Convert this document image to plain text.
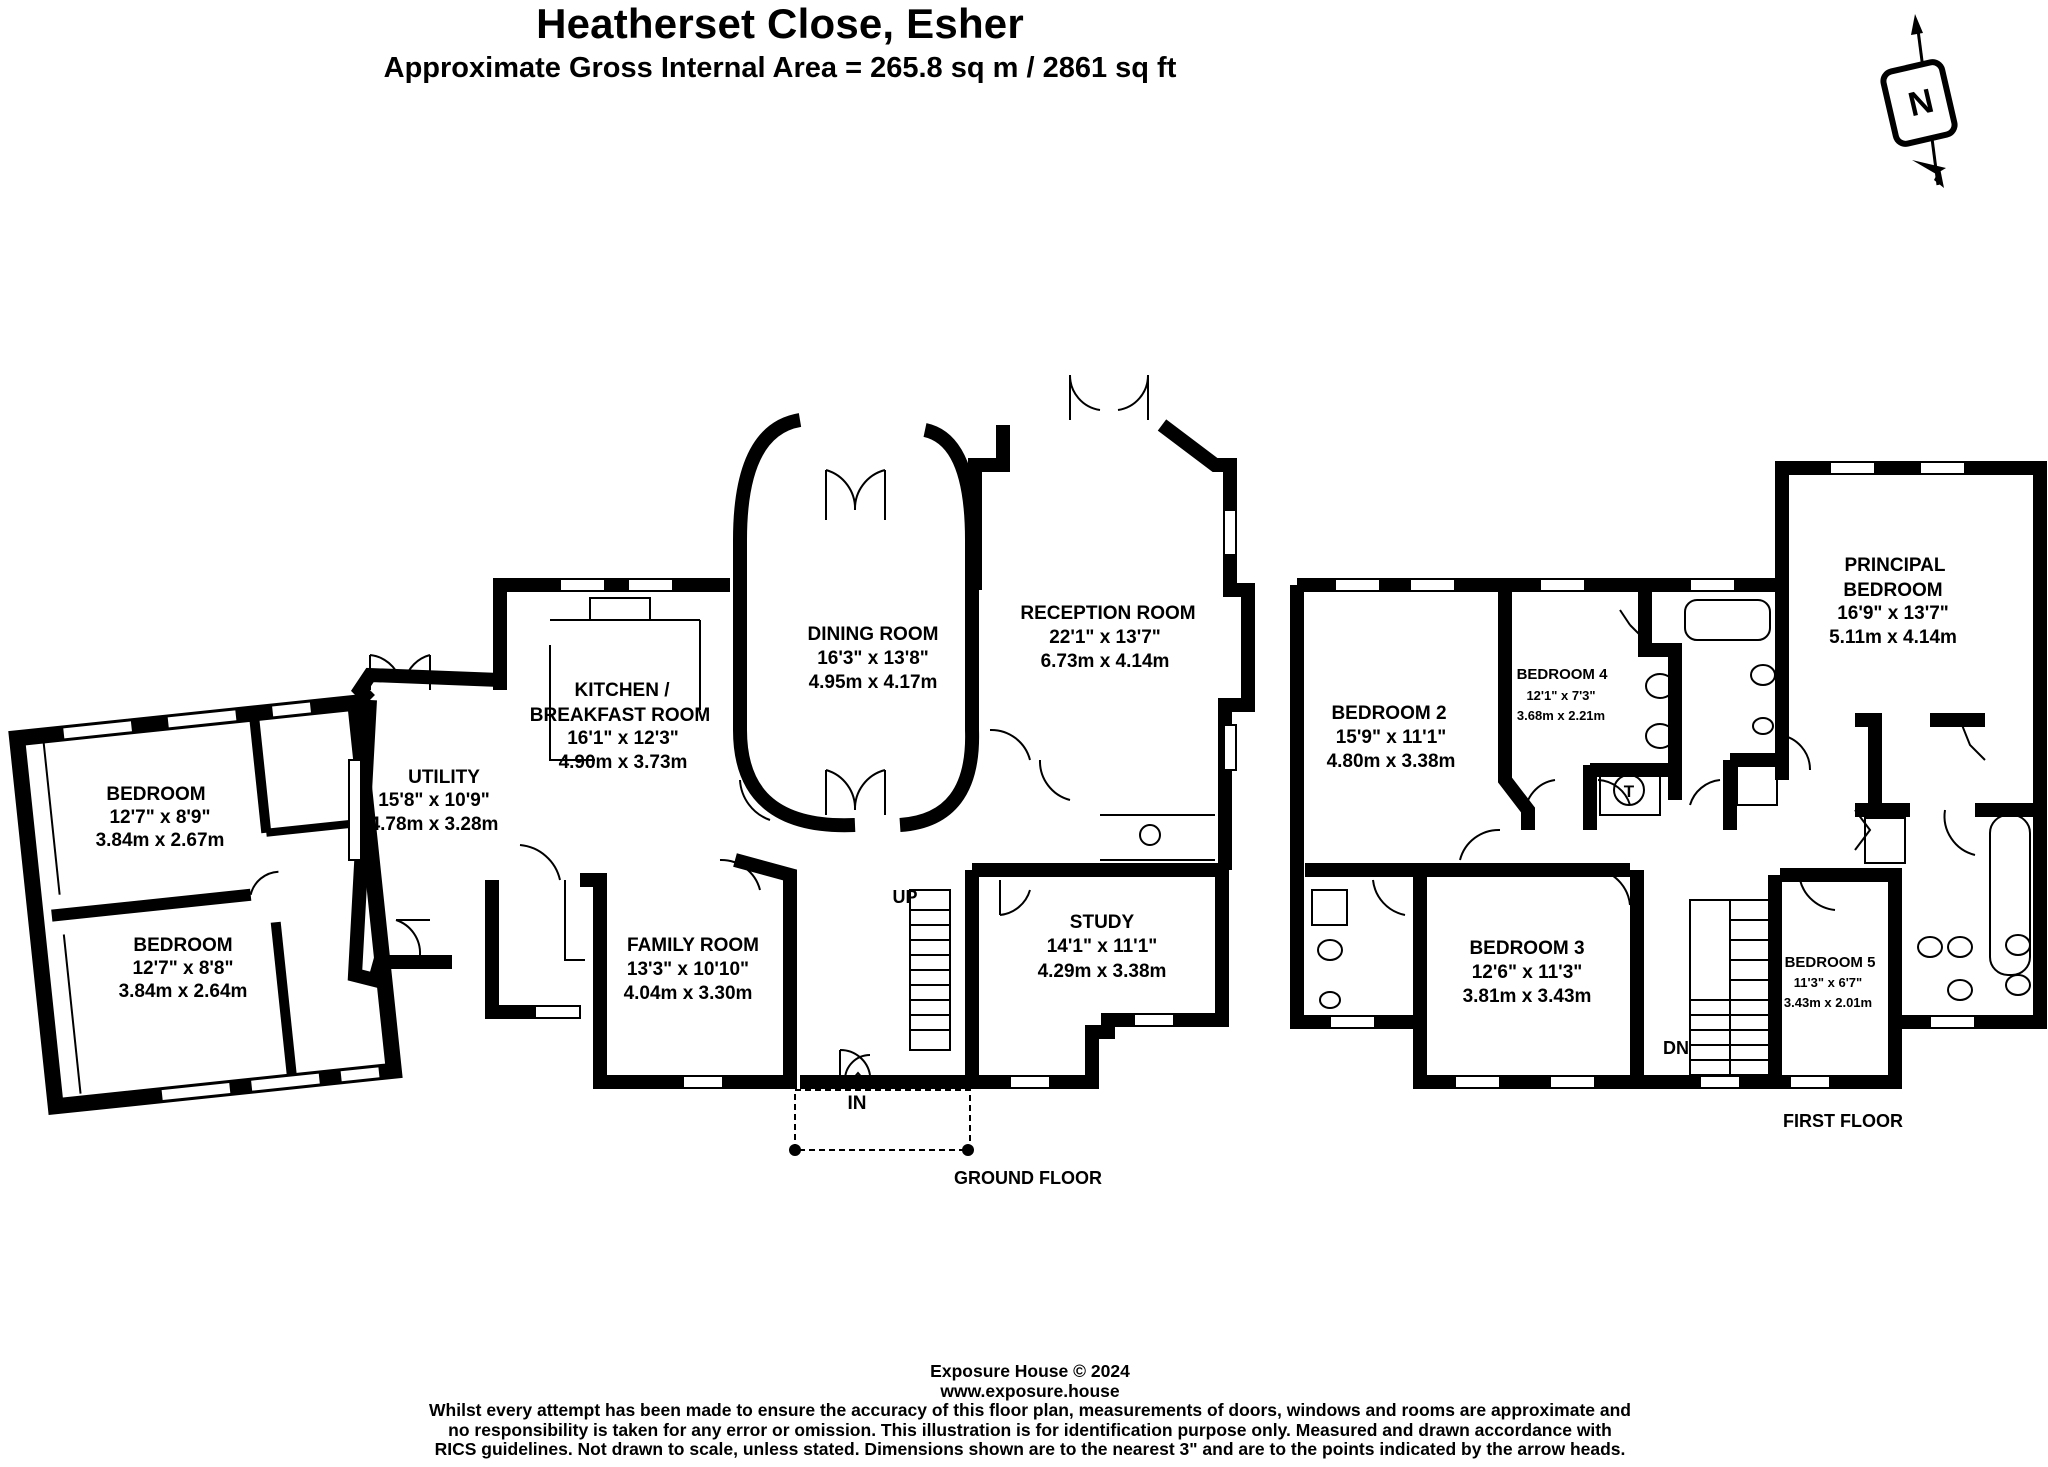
Heatherset Close, Esher
Approximate Gross Internal Area = 265.8 sq m / 2861 sq ft
N
BEDROOM
12'7" x 8'9"
3.84m x 2.67m
BEDROOM
12'7" x 8'8"
3.84m x 2.64m
UTILITY
15'8" x 10'9"
4.78m x 3.28m
KITCHEN /
BREAKFAST ROOM
16'1" x 12'3"
4.90m x 3.73m
DINING ROOM
16'3" x 13'8"
4.95m x 4.17m
RECEPTION ROOM
22'1" x 13'7"
6.73m x 4.14m
FAMILY ROOM
13'3" x 10'10"
4.04m x 3.30m
STUDY
14'1" x 11'1"
4.29m x 3.38m
UP
IN
GROUND FLOOR
BEDROOM 2
15'9" x 11'1"
4.80m x 3.38m
BEDROOM 4
12'1" x 7'3"
3.68m x 2.21m
PRINCIPAL
BEDROOM
16'9" x 13'7"
5.11m x 4.14m
BEDROOM 3
12'6" x 11'3"
3.81m x 3.43m
BEDROOM 5
11'3" x 6'7"
3.43m x 2.01m
DN
T
FIRST FLOOR
Exposure House © 2024
www.exposure.house
Whilst every attempt has been made to ensure the accuracy of this floor plan, measurements of doors, windows and rooms are approximate and
no responsibility is taken for any error or omission. This illustration is for identification purpose only. Measured and drawn accordance with
RICS guidelines. Not drawn to scale, unless stated. Dimensions shown are to the nearest 3" and are to the points indicated by the arrow heads.
